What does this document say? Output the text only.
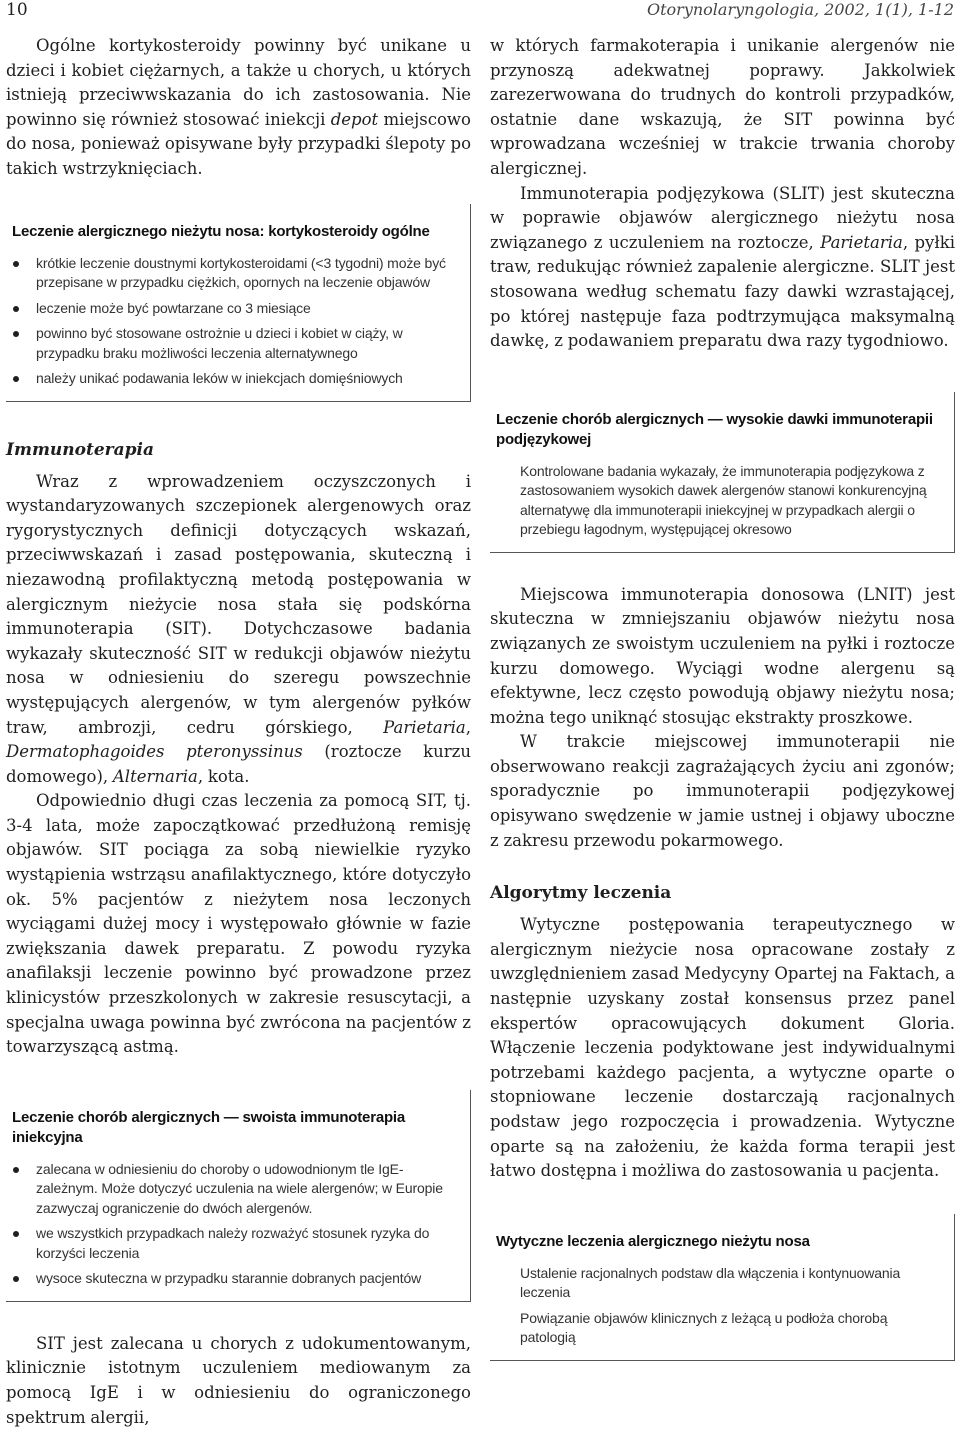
10	Otorynolaryngologia, 2002, 1(1), 1-12

Ogólne kortykosteroidy powinny być unikane u dzieci i kobiet ciężarnych, a także u chorych, u których istnieją przeciwwskazania do ich zastosowania. Nie powinno się również stosować iniekcji depot miejscowo do nosa, ponieważ opisywane były przypadki ślepoty po takich wstrzyknięciach.

Leczenie alergicznego nieżytu nosa: kortykosteroidy ogólne
krótkie leczenie doustnymi kortykosteroidami (<3 tygodni) może być przepisane w przypadku ciężkich, opornych na leczenie objawów
leczenie może być powtarzane co 3 miesiące
powinno być stosowane ostrożnie u dzieci i kobiet w ciąży, w przypadku braku możliwości leczenia alternatywnego
należy unikać podawania leków w iniekcjach domięśniowych
Immunoterapia

Wraz z wprowadzeniem oczyszczonych i wystandaryzowanych szczepionek alergenowych oraz rygorystycznych definicji dotyczących wskazań, przeciwwskazań i zasad postępowania, skuteczną i niezawodną profilaktyczną metodą postępowania w alergicznym nieżycie nosa stała się podskórna immunoterapia (SIT). Dotychczasowe badania wykazały skuteczność SIT w redukcji objawów nieżytu nosa w odniesieniu do szeregu powszechnie występujących alergenów, w tym alergenów pyłków traw, ambrozji, cedru górskiego, Parietaria, Dermatophagoides pteronyssinus (roztocze kurzu domowego), Alternaria, kota.

Odpowiednio długi czas leczenia za pomocą SIT, tj. 3-4 lata, może zapoczątkować przedłużoną remisję objawów. SIT pociąga za sobą niewielkie ryzyko wystąpienia wstrząsu anafilaktycznego, które dotyczyło ok. 5% pacjentów z nieżytem nosa leczonych wyciągami dużej mocy i występowało głównie w fazie zwiększania dawek preparatu. Z powodu ryzyka anafilaksji leczenie powinno być prowadzone przez klinicystów przeszkolonych w zakresie resuscytacji, a specjalna uwaga powinna być zwrócona na pacjentów z towarzyszącą astmą.

Leczenie chorób alergicznych — swoista immunoterapia iniekcyjna
zalecana w odniesieniu do choroby o udowodnionym tle IgE-zależnym. Może dotyczyć uczulenia na wiele alergenów; w Europie zazwyczaj ograniczenie do dwóch alergenów.
we wszystkich przypadkach należy rozważyć stosunek ryzyka do korzyści leczenia
wysoce skuteczna w przypadku starannie dobranych pacjentów

SIT jest zalecana u chorych z udokumentowanym, klinicznie istotnym uczuleniem mediowanym za pomocą IgE i w odniesieniu do ograniczonego spektrum alergii,

w których farmakoterapia i unikanie alergenów nie przynoszą adekwatnej poprawy. Jakkolwiek zarezerwowana do trudnych do kontroli przypadków, ostatnie dane wskazują, że SIT powinna być wprowadzana wcześniej w trakcie trwania choroby alergicznej.

Immunoterapia podjęzykowa (SLIT) jest skuteczna w poprawie objawów alergicznego nieżytu nosa związanego z uczuleniem na roztocze, Parietaria, pyłki traw, redukując również zapalenie alergiczne. SLIT jest stosowana według schematu fazy dawki wzrastającej, po której następuje faza podtrzymująca maksymalną dawkę, z podawaniem preparatu dwa razy tygodniowo.

Leczenie chorób alergicznych — wysokie dawki immunoterapii podjęzykowej
Kontrolowane badania wykazały, że immunoterapia podjęzykowa z zastosowaniem wysokich dawek alergenów stanowi konkurencyjną alternatywę dla immunoterapii iniekcyjnej w przypadkach alergii o przebiegu łagodnym, występującej okresowo

Miejscowa immunoterapia donosowa (LNIT) jest skuteczna w zmniejszaniu objawów nieżytu nosa związanych ze swoistym uczuleniem na pyłki i roztocze kurzu domowego. Wyciągi wodne alergenu są efektywne, lecz często powodują objawy nieżytu nosa; można tego uniknąć stosując ekstrakty proszkowe.

W trakcie miejscowej immunoterapii nie obserwowano reakcji zagrażających życiu ani zgonów; sporadycznie po immunoterapii podjęzykowej opisywano swędzenie w jamie ustnej i objawy uboczne z zakresu przewodu pokarmowego.

Algorytmy leczenia

Wytyczne postępowania terapeutycznego w alergicznym nieżycie nosa opracowane zostały z uwzględnieniem zasad Medycyny Opartej na Faktach, a następnie uzyskany został konsensus przez panel ekspertów opracowujących dokument Gloria. Włączenie leczenia podyktowane jest indywidualnymi potrzebami każdego pacjenta, a wytyczne oparte o stopniowane leczenie dostarczają racjonalnych podstaw jego rozpoczęcia i prowadzenia. Wytyczne oparte są na założeniu, że każda forma terapii jest łatwo dostępna i możliwa do zastosowania u pacjenta.

Wytyczne leczenia alergicznego nieżytu nosa
Ustalenie racjonalnych podstaw dla włączenia i kontynuowania leczenia
Powiązanie objawów klinicznych z leżącą u podłoża chorobą patologią
